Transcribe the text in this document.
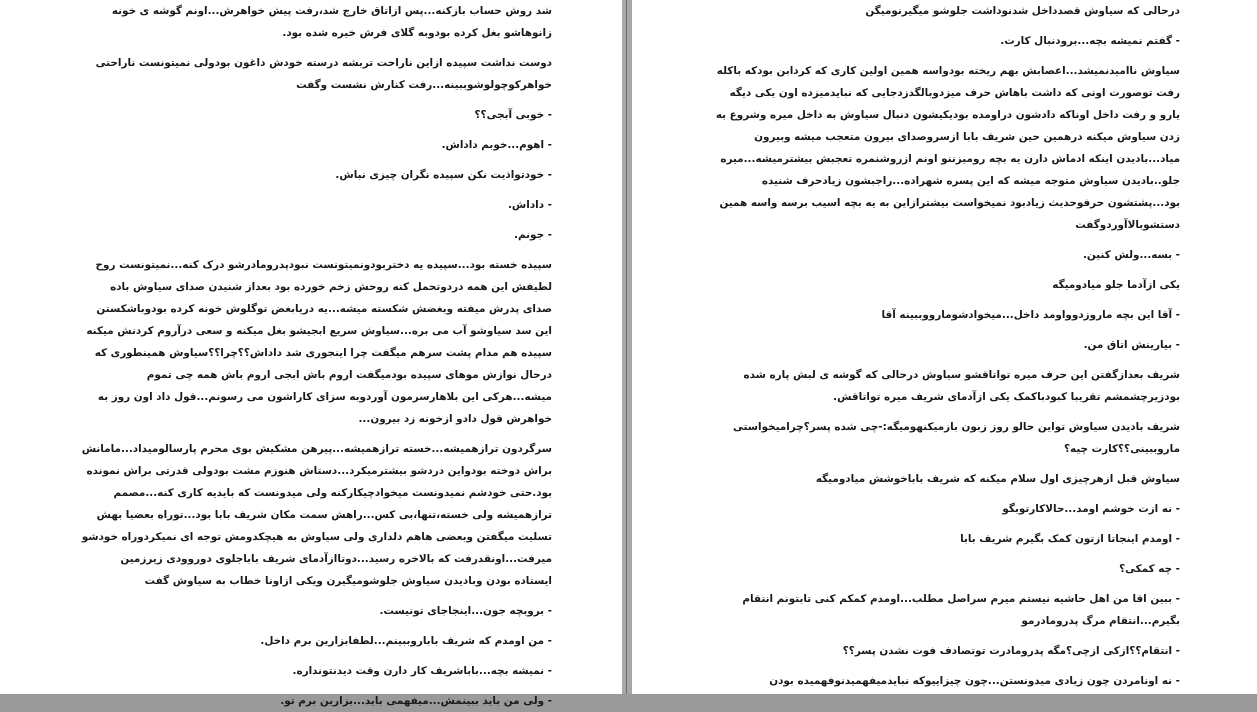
شد روش حساب بازکنه...پس ازاتاق خارج شد،رفت پیش خواهرش...اونم گوشه ی خونه زانوهاشو بغل کرده بودوبه گلای فرش خیره شده بود.

دوست نداشت سپیده ازاین ناراحت تربشه درسته خودش داغون بودولی نمیتونست ناراحتی خواهرکوچولوشوببینه...رفت کنارش نشست وگفت

- خوبی آبجی؟؟

- اهوم...خوبم داداش.

- خودتواذیت نکن سپیده نگران چیزی نباش.

- داداش.

- جونم.

سپیده خسته بود...سپیده یه دختربودونمیتونست نبودپدرومادرشو درک کنه...نمیتونست روح لطیفش این همه دردوتحمل کنه روحش زخم خورده بود بعداز شنیدن صدای سیاوش باده صدای پدرش میفته وبغضش شکسته میشه...یه دریابغض توگلوش خونه کرده بودوباشکستن این سد سیاوشو آب می بره...سیاوش سریع ابجیشو بغل میکنه و سعی درآروم کردنش میکنه سپیده هم مدام پشت سرهم میگفت چرا اینجوری شد داداش؟؟چرا؟؟سیاوش همینطوری که درحال نوازش موهای سپیده بودمیگفت اروم باش ابجی اروم باش همه چی تموم میشه...هرکی این بلاهارسرمون آوردوبه سزای کاراشون می رسونم...قول داد اون روز به خواهرش قول دادو ازخونه زد بیرون...

سرگردون ترازهمیشه...خسته ترازهمیشه...پیرهن مشکیش بوی محرم پارسالومیداد...مامانش براش دوخته بودواین دردشو بیشترمیکرد...دستاش هنوزم مشت بودولی قدرتی براش نمونده بود.حتی خودشم نمیدونست میخوادچیکارکنه ولی میدونست که بایدیه کاری کنه...مصمم ترازهمیشه ولی خسته،تنها،بی کس...راهش سمت مکان شریف بابا بود...توراه بعضیا بهش تسلیت میگفتن وبعضی هاهم دلداری ولی سیاوش به هیچکدومش توجه ای نمیکردوراه خودشو میرفت...اونقدرفت که بالاخره رسید...دوتاازآدمای شریف باباجلوی دوروودی زیرزمین ایستاده بودن وبادیدن سیاوش جلوشومیگیرن ویکی ازاونا خطاب به سیاوش گفت

- بروبچه جون...اینجاجای تونیست.

- من اومدم که شریف باباروببینم...لطفابزارین برم داخل.

- نمیشه بچه...باباشریف کار دارن وقت دیدنتونداره.

- ولی من باید ببینمش...میفهمی باید...بزارین برم تو.

درحالی که سیاوش قصدداخل شدنوداشت جلوشو میگیرنومیگن

- گفتم نمیشه بچه...برودنبال کارت.

سیاوش ناامیدنمیشد...اعصابش بهم ریخته بودواسه همین اولین کاری که کردابن بودکه باکله رفت توصورت اونی که داشت باهاش حرف میزدوبالگدزدجایی که نبایدمیزده اون یکی دیگه یارو و رفت داخل اوناکه دادشون دراومده بودیکیشون دنبال سیاوش به داخل میره وشروع به زدن سیاوش میکنه درهمین حین شریف بابا ازسروصدای بیرون متعجب میشه وبیرون میاد...بادیدن اینکه ادماش دارن یه بچه رومیزننو اونم ازروشنمره تعجبش بیشترمیشه...میره جلو..بادیدن سیاوش متوجه میشه که این پسره شهراده...راجبشون زیادحرف شنیده بود...پشتشون حرفوحدیث زیادبود نمیخواست بیشترازاین به یه بچه اسیب برسه واسه همین دستشوبالاآوردوگفت

- بسه...ولش کنین.

یکی ازآدما جلو میادومیگه

- آقا این بچه ماروزدوواومد داخل...میخوادشومارووببینه آقا

- بیارینش اتاق من.

شریف بعدازگفتن این حرف میره تواتاقشو سیاوش درحالی که گوشه ی لبش پاره شده بودزیرچشمشم تقریبا کبودباکمک یکی ازآدمای شریف میره تواتاقش.

شریف بادیدن سیاوش تواین حالو روز زبون بازمیکنهومیگه:-چی شده پسر؟چرامیخواستی ماروببینی؟؟کارت چیه؟

سیاوش قبل ازهرچیزی اول سلام میکنه که شریف باباخوشش میادومیگه

- نه ازت خوشم اومد...حالاکارتوبگو

- اومدم اینجاتا ازتون کمک بگیرم شریف بابا

- چه کمکی؟

- ببین اقا من اهل حاشیه نیستم میرم سراصل مطلب...اومدم کمکم کنی تابتونم انتقام بگیرم...انتقام مرگ پدرومادرمو

- انتقام؟؟ازکی ازچی؟مگه پدرومادرت توتصادف فوت نشدن پسر؟؟

- نه اونامردن چون زیادی میدونستن...چون چیزاییوکه نبایدمیفهمیدنوفهمیده بودن
